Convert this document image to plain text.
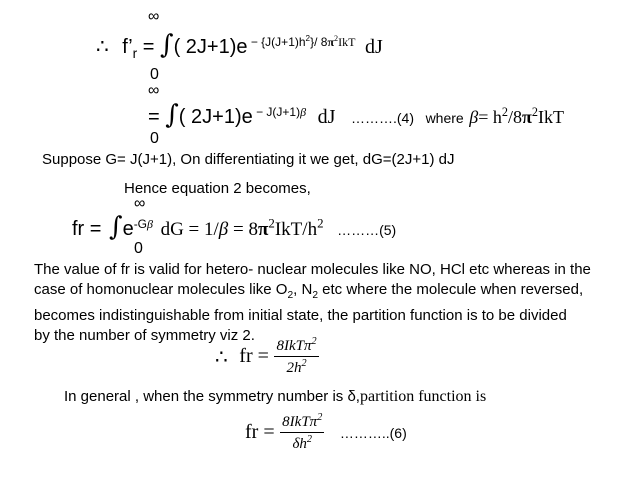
∞
∴ $f’_r$ = ∫( 2J+1)e $^{- \{J(J+1)h^2\}/ 8\pi^2IkT}$ dJ
0
∞
= ∫( 2J+1)e $^{- J(J+1)\beta}$ dJ ……….(4) where $\beta= h^2/8\pi^2IkT$
0
Suppose G= J(J+1), On differentiating it we get, dG=(2J+1) dJ
Hence equation 2 becomes,
∞
fr = $\int e^{-G\beta}$ dG = $1/\beta = 8\pi^2IkT/h^2$ ………(5)
0
The value of fr is valid for hetero- nuclear molecules like NO, HCl etc whereas in the
case of homonuclear molecules like $O_2$, $N_2$ etc where the molecule when reversed,
becomes indistinguishable from initial state, the partition function is to be divided
by the number of symmetry viz 2.
∴ fr = $\frac{8IkT\pi^2}{2h^2}$
In general , when the symmetry number is δ,partition function is
fr = $\frac{8IkT\pi^2}{\delta h^2}$ ………..(6)
